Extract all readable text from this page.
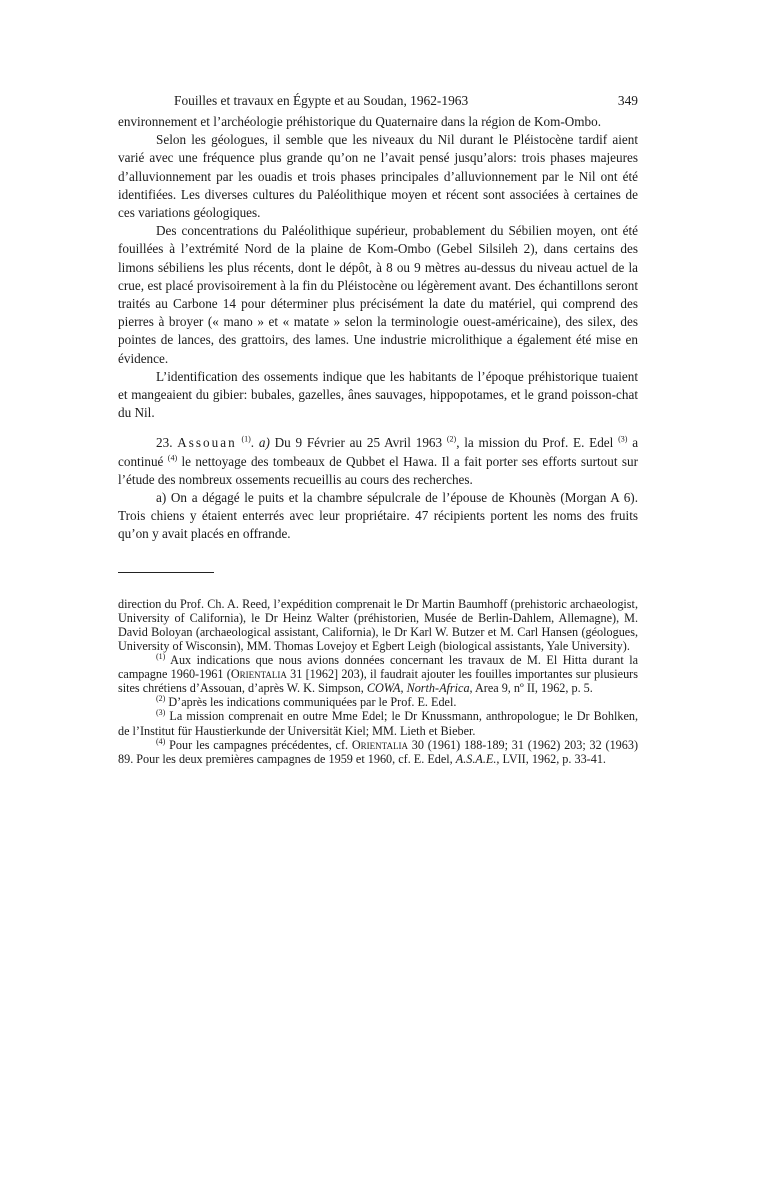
Fouilles et travaux en Égypte et au Soudan, 1962-1963	349

environnement et l’archéologie préhistorique du Quaternaire dans la région de Kom-Ombo.

Selon les géologues, il semble que les niveaux du Nil durant le Pléistocène tardif aient varié avec une fréquence plus grande qu’on ne l’avait pensé jusqu’alors: trois phases majeures d’alluvionnement par les ouadis et trois phases principales d’alluvionnement par le Nil ont été identifiées. Les diverses cultures du Paléolithique moyen et récent sont associées à certaines de ces variations géologiques.

Des concentrations du Paléolithique supérieur, probablement du Sébilien moyen, ont été fouillées à l’extrémité Nord de la plaine de Kom-Ombo (Gebel Silsileh 2), dans certains des limons sébiliens les plus récents, dont le dépôt, à 8 ou 9 mètres au-dessus du niveau actuel de la crue, est placé provisoirement à la fin du Pléistocène ou légèrement avant. Des échantillons seront traités au Carbone 14 pour déterminer plus précisément la date du matériel, qui comprend des pierres à broyer (« mano » et « matate » selon la terminologie ouest-américaine), des silex, des pointes de lances, des grattoirs, des lames. Une industrie microlithique a également été mise en évidence.

L’identification des ossements indique que les habitants de l’époque préhistorique tuaient et mangeaient du gibier: bubales, gazelles, ânes sauvages, hippopotames, et le grand poisson-chat du Nil.

23. Assouan $^{(1)}$. a) Du 9 Février au 25 Avril 1963 $^{(2)}$, la mission du Prof. E. Edel $^{(3)}$ a continué $^{(4)}$ le nettoyage des tombeaux de Qubbet el Hawa. Il a fait porter ses efforts surtout sur l’étude des nombreux ossements recueillis au cours des recherches.

a) On a dégagé le puits et la chambre sépulcrale de l’épouse de Khounès (Morgan A 6). Trois chiens y étaient enterrés avec leur propriétaire. 47 récipients portent les noms des fruits qu’on y avait placés en offrande.

direction du Prof. Ch. A. Reed, l’expédition comprenait le Dr Martin Baumhoff (prehistoric archaeologist, University of California), le Dr Heinz Walter (préhistorien, Musée de Berlin-Dahlem, Allemagne), M. David Boloyan (archaeological assistant, California), le Dr Karl W. Butzer et M. Carl Hansen (géologues, University of Wisconsin), MM. Thomas Lovejoy et Egbert Leigh (biological assistants, Yale University).

$^{(1)}$ Aux indications que nous avions données concernant les travaux de M. El Hitta durant la campagne 1960-1961 (Orientalia 31 [1962] 203), il faudrait ajouter les fouilles importantes sur plusieurs sites chrétiens d’Assouan, d’après W. K. Simpson, COWA, North-Africa, Area 9, nº II, 1962, p. 5.

$^{(2)}$ D’après les indications communiquées par le Prof. E. Edel.

$^{(3)}$ La mission comprenait en outre Mme Edel; le Dr Knussmann, anthropologue; le Dr Bohlken, de l’Institut für Haustierkunde der Universität Kiel; MM. Lieth et Bieber.

$^{(4)}$ Pour les campagnes précédentes, cf. Orientalia 30 (1961) 188-189; 31 (1962) 203; 32 (1963) 89. Pour les deux premières campagnes de 1959 et 1960, cf. E. Edel, A.S.A.E., LVII, 1962, p. 33-41.
